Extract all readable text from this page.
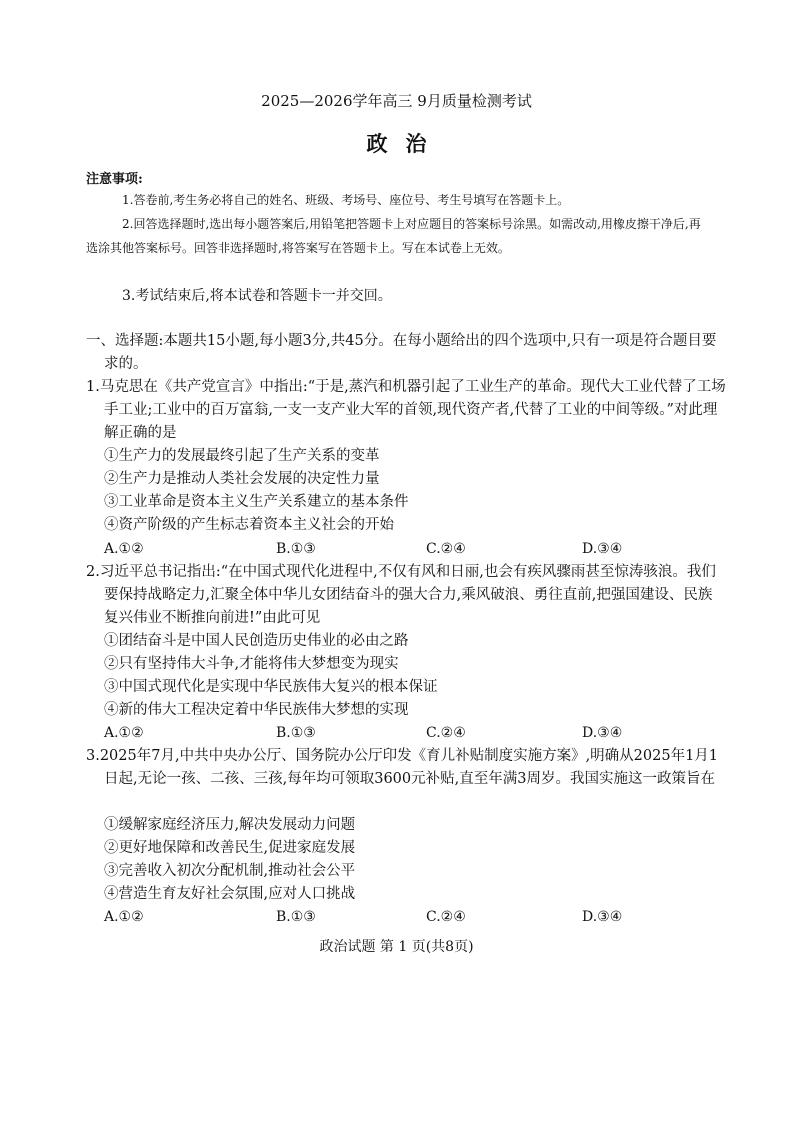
2025—2026学年高三 9月质量检测考试
政治
注意事项:
1.答卷前,考生务必将自己的姓名、班级、考场号、座位号、考生号填写在答题卡上。
2.回答选择题时,选出每小题答案后,用铅笔把答题卡上对应题目的答案标号涂黑。如需改动,用橡皮擦干净后,再选涂其他答案标号。回答非选择题时,将答案写在答题卡上。写在本试卷上无效。
3.考试结束后,将本试卷和答题卡一并交回。
一、选择题:本题共15小题,每小题3分,共45分。在每小题给出的四个选项中,只有一项是符合题目要求的。
1.马克思在《共产党宣言》中指出:“于是,蒸汽和机器引起了工业生产的革命。现代大工业代替了工场手工业;工业中的百万富翁,一支一支产业大军的首领,现代资产者,代替了工业的中间等级。”对此理解正确的是
①生产力的发展最终引起了生产关系的变革
②生产力是推动人类社会发展的决定性力量
③工业革命是资本主义生产关系建立的基本条件
④资产阶级的产生标志着资本主义社会的开始
A.①②	B.①③	C.②④	D.③④
2.习近平总书记指出:“在中国式现代化进程中,不仅有风和日丽,也会有疾风骤雨甚至惊涛骇浪。我们要保持战略定力,汇聚全体中华儿女团结奋斗的强大合力,乘风破浪、勇往直前,把强国建设、民族复兴伟业不断推向前进!”由此可见
①团结奋斗是中国人民创造历史伟业的必由之路
②只有坚持伟大斗争,才能将伟大梦想变为现实
③中国式现代化是实现中华民族伟大复兴的根本保证
④新的伟大工程决定着中华民族伟大梦想的实现
A.①②	B.①③	C.②④	D.③④
3.2025年7月,中共中央办公厅、国务院办公厅印发《育儿补贴制度实施方案》,明确从2025年1月1日起,无论一孩、二孩、三孩,每年均可领取3600元补贴,直至年满3周岁。我国实施这一政策旨在
①缓解家庭经济压力,解决发展动力问题
②更好地保障和改善民生,促进家庭发展
③完善收入初次分配机制,推动社会公平
④营造生育友好社会氛围,应对人口挑战
A.①②	B.①③	C.②④	D.③④
政治试题 第 1 页(共8页)
